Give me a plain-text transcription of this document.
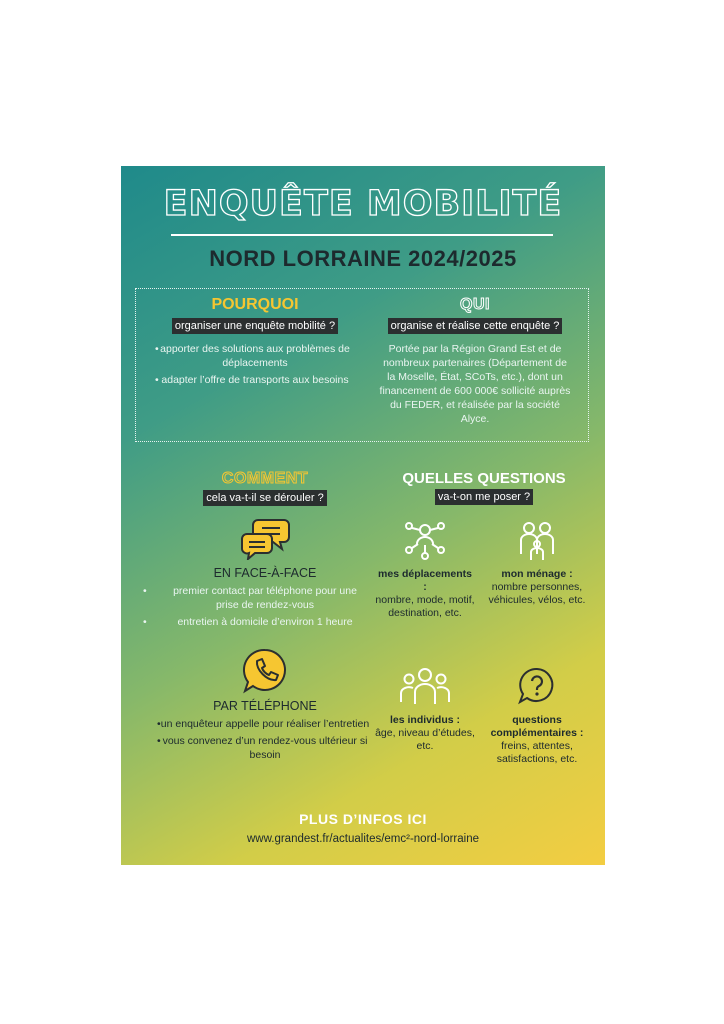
ENQUÊTE MOBILITÉ
NORD LORRAINE 2024/2025
POURQUOI
organiser une enquête mobilité ?
• apporter des solutions aux problèmes de déplacements
• adapter l’offre de transports aux besoins
QUI
organise et réalise cette enquête ?
Portée par la Région Grand Est et de nombreux partenaires (Département de la Moselle, État, SCoTs, etc.), dont un financement de 600 000€ sollicité auprès du FEDER, et réalisée par la société Alyce.
COMMENT
cela va-t-il se dérouler ?
EN FACE-À-FACE
• premier contact par téléphone pour une prise de rendez-vous
• entretien à domicile d’environ 1 heure
PAR TÉLÉPHONE
• un enquêteur appelle pour réaliser l’entretien
• vous convenez d’un rendez-vous ultérieur si besoin
QUELLES QUESTIONS
va-t-on me poser ?
mes déplacements :
nombre, mode, motif, destination, etc.
mon ménage :
nombre personnes, véhicules, vélos, etc.
les individus :
âge, niveau d’études, etc.
questions complémentaires :
freins, attentes, satisfactions, etc.
PLUS D’INFOS ICI
www.grandest.fr/actualites/emc²-nord-lorraine
